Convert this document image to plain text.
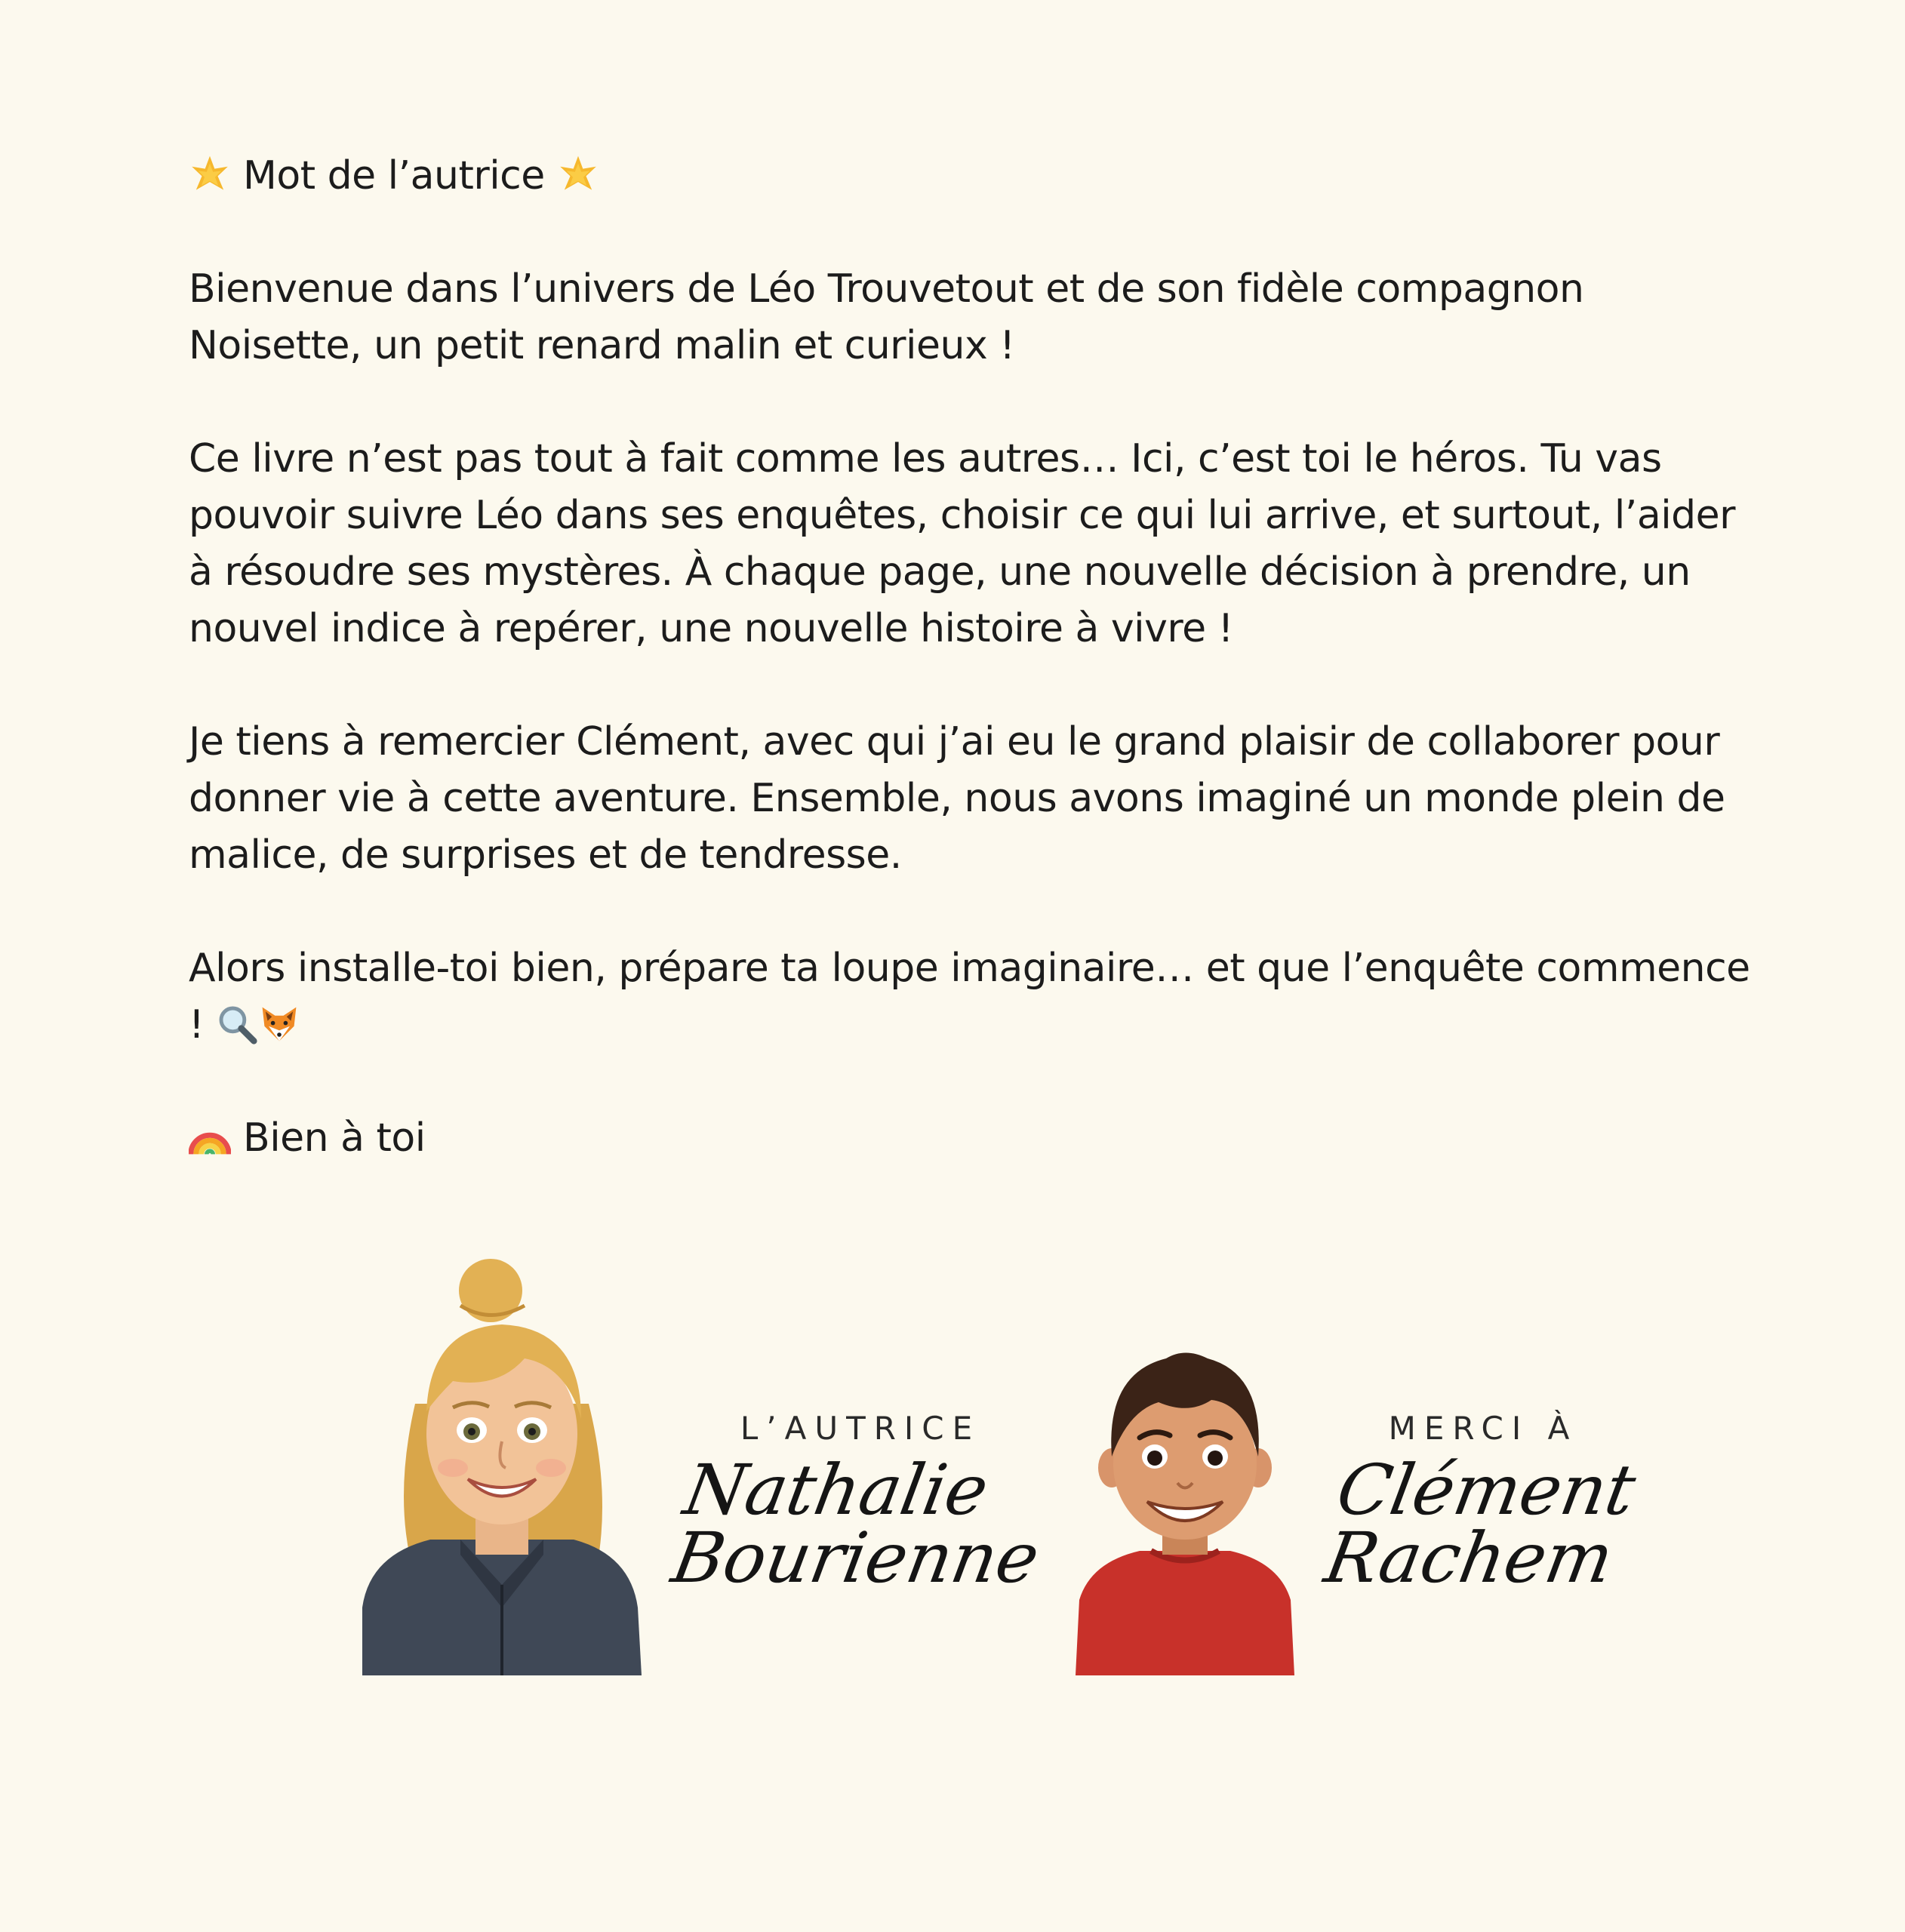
Mot de l’autrice

Bienvenue dans l’univers de Léo Trouvetout et de son fidèle compagnon Noisette, un petit renard malin et curieux !

Ce livre n’est pas tout à fait comme les autres… Ici, c’est toi le héros. Tu vas pouvoir suivre Léo dans ses enquêtes, choisir ce qui lui arrive, et surtout, l’aider à résoudre ses mystères. À chaque page, une nouvelle décision à prendre, un nouvel indice à repérer, une nouvelle histoire à vivre !

Je tiens à remercier Clément, avec qui j’ai eu le grand plaisir de collaborer pour donner vie à cette aventure. Ensemble, nous avons imaginé un monde plein de malice, de surprises et de tendresse.

Alors installe-toi bien, prépare ta loupe imaginaire… et que l’enquête commence !

Bien à toi

L’AUTRICE
Nathalie
Bourienne
MERCI À
Clément
Rachem
